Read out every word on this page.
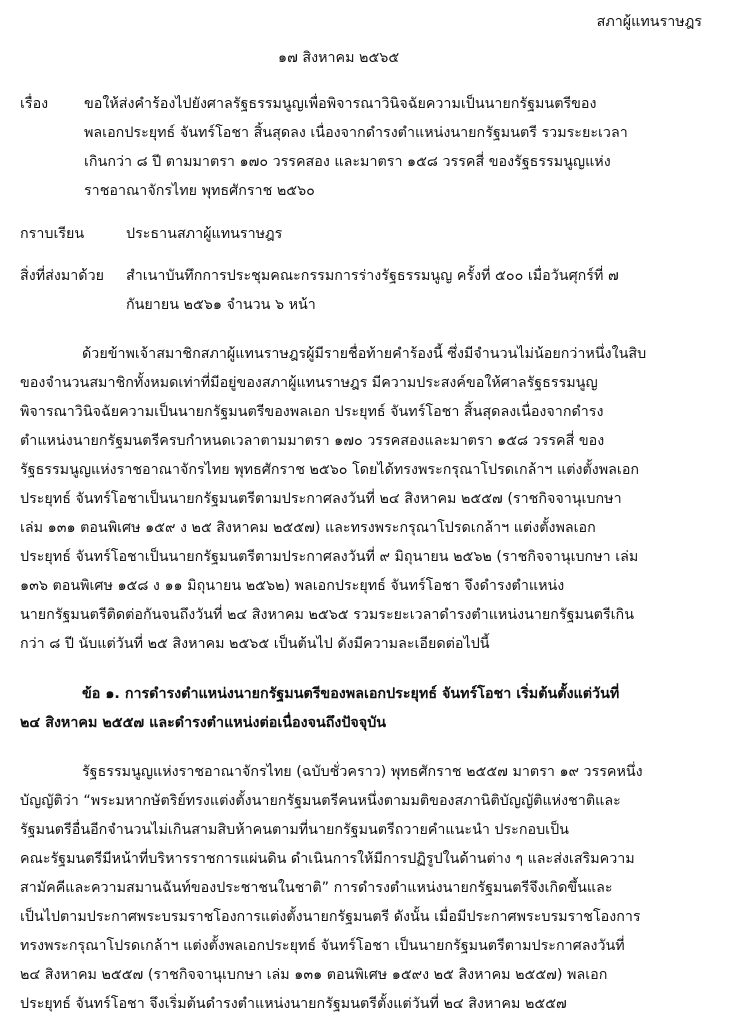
สภาผู้แทนราษฎร
๑๗ สิงหาคม ๒๕๖๕
เรื่อง	ขอให้ส่งคำร้องไปยังศาลรัฐธรรมนูญเพื่อพิจารณาวินิจฉัยความเป็นนายกรัฐมนตรีของ
พลเอกประยุทธ์ จันทร์โอชา สิ้นสุดลง เนื่องจากดำรงตำแหน่งนายกรัฐมนตรี รวมระยะเวลา
เกินกว่า ๘ ปี ตามมาตรา ๑๗๐ วรรคสอง และมาตรา ๑๕๘ วรรคสี่ ของรัฐธรรมนูญแห่ง
ราชอาณาจักรไทย พุทธศักราช ๒๕๖๐
กราบเรียน	ประธานสภาผู้แทนราษฎร
สิ่งที่ส่งมาด้วย สำเนาบันทึกการประชุมคณะกรรมการร่างรัฐธรรมนูญ ครั้งที่ ๕๐๐ เมื่อวันศุกร์ที่ ๗
กันยายน ๒๕๖๑ จำนวน ๖ หน้า
ด้วยข้าพเจ้าสมาชิกสภาผู้แทนราษฎรผู้มีรายชื่อท้ายคำร้องนี้ ซึ่งมีจำนวนไม่น้อยกว่าหนึ่งในสิบ
ของจำนวนสมาชิกทั้งหมดเท่าที่มีอยู่ของสภาผู้แทนราษฎร มีความประสงค์ขอให้ศาลรัฐธรรมนูญ
พิจารณาวินิจฉัยความเป็นนายกรัฐมนตรีของพลเอก ประยุทธ์ จันทร์โอชา สิ้นสุดลงเนื่องจากดำรง
ตำแหน่งนายกรัฐมนตรีครบกำหนดเวลาตามมาตรา ๑๗๐ วรรคสองและมาตรา ๑๕๘ วรรคสี่ ของ
รัฐธรรมนูญแห่งราชอาณาจักรไทย พุทธศักราช ๒๕๖๐ โดยได้ทรงพระกรุณาโปรดเกล้าฯ แต่งตั้งพลเอก
ประยุทธ์ จันทร์โอชาเป็นนายกรัฐมนตรีตามประกาศลงวันที่ ๒๔ สิงหาคม ๒๕๕๗ (ราชกิจจานุเบกษา
เล่ม ๑๓๑ ตอนพิเศษ ๑๕๙ ง ๒๕ สิงหาคม ๒๕๕๗) และทรงพระกรุณาโปรดเกล้าฯ แต่งตั้งพลเอก
ประยุทธ์ จันทร์โอชาเป็นนายกรัฐมนตรีตามประกาศลงวันที่ ๙ มิถุนายน ๒๕๖๒ (ราชกิจจานุเบกษา เล่ม
๑๓๖ ตอนพิเศษ ๑๕๘ ง ๑๑ มิถุนายน ๒๕๖๒) พลเอกประยุทธ์ จันทร์โอชา จึงดำรงตำแหน่ง
นายกรัฐมนตรีติดต่อกันจนถึงวันที่ ๒๔ สิงหาคม ๒๕๖๕ รวมระยะเวลาดำรงตำแหน่งนายกรัฐมนตรีเกิน
กว่า ๘ ปี นับแต่วันที่ ๒๕ สิงหาคม ๒๕๖๕ เป็นต้นไป ดังมีความละเอียดต่อไปนี้
ข้อ ๑. การดำรงตำแหน่งนายกรัฐมนตรีของพลเอกประยุทธ์ จันทร์โอชา เริ่มต้นตั้งแต่วันที่
๒๔ สิงหาคม ๒๕๕๗ และดำรงตำแหน่งต่อเนื่องจนถึงปัจจุบัน
รัฐธรรมนูญแห่งราชอาณาจักรไทย (ฉบับชั่วคราว) พุทธศักราช ๒๕๕๗ มาตรา ๑๙ วรรคหนึ่ง
บัญญัติว่า “พระมหากษัตริย์ทรงแต่งตั้งนายกรัฐมนตรีคนหนึ่งตามมติของสภานิติบัญญัติแห่งชาติและ
รัฐมนตรีอื่นอีกจำนวนไม่เกินสามสิบห้าคนตามที่นายกรัฐมนตรีถวายคำแนะนำ ประกอบเป็น
คณะรัฐมนตรีมีหน้าที่บริหารราชการแผ่นดิน ดำเนินการให้มีการปฏิรูปในด้านต่าง ๆ และส่งเสริมความ
สามัคคีและความสมานฉันท์ของประชาชนในชาติ” การดำรงตำแหน่งนายกรัฐมนตรีจึงเกิดขึ้นและ
เป็นไปตามประกาศพระบรมราชโองการแต่งตั้งนายกรัฐมนตรี ดังนั้น เมื่อมีประกาศพระบรมราชโองการ
ทรงพระกรุณาโปรดเกล้าฯ แต่งตั้งพลเอกประยุทธ์ จันทร์โอชา เป็นนายกรัฐมนตรีตามประกาศลงวันที่
๒๔ สิงหาคม ๒๕๕๗ (ราชกิจจานุเบกษา เล่ม ๑๓๑ ตอนพิเศษ ๑๕๙ง ๒๕ สิงหาคม ๒๕๕๗) พลเอก
ประยุทธ์ จันทร์โอชา จึงเริ่มต้นดำรงตำแหน่งนายกรัฐมนตรีตั้งแต่วันที่ ๒๔ สิงหาคม ๒๕๕๗
